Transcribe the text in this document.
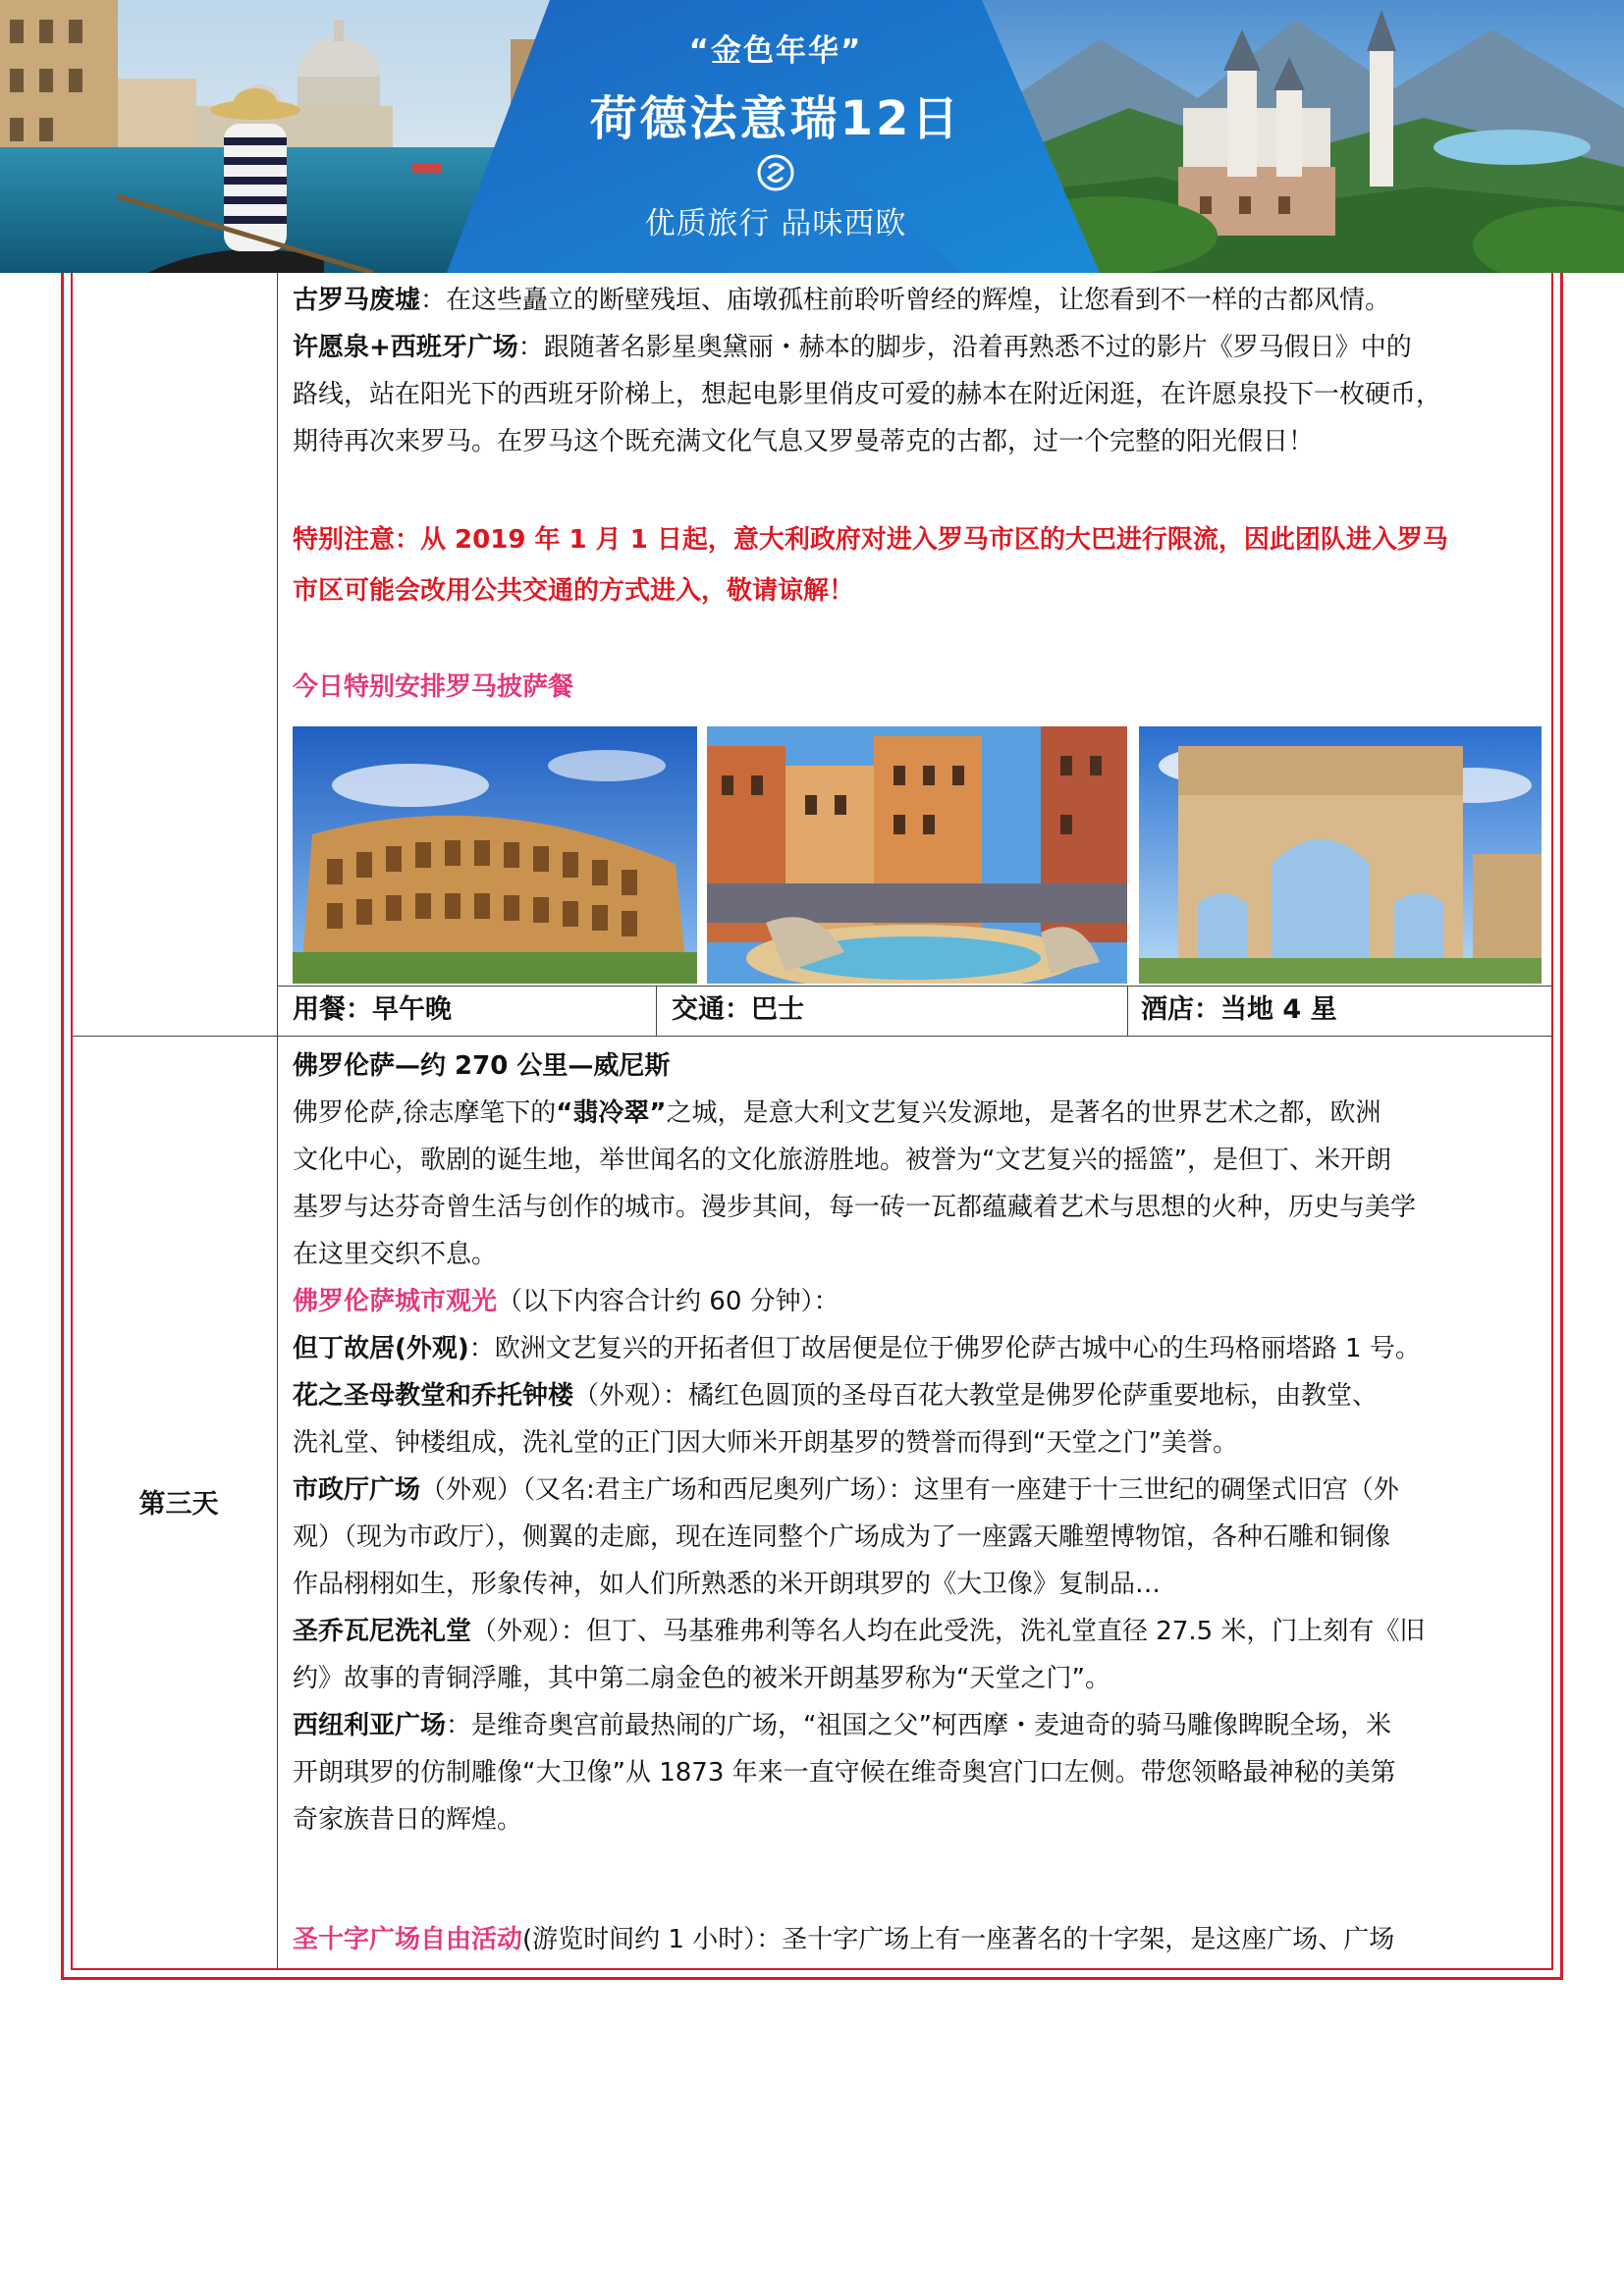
“金色年华”
荷德法意瑞12日
优质旅行 品味西欧
古罗马废墟：在这些矗立的断壁残垣、庙墩孤柱前聆听曾经的辉煌，让您看到不一样的古都风情。
许愿泉+西班牙广场：跟随著名影星奥黛丽・赫本的脚步，沿着再熟悉不过的影片《罗马假日》中的
路线，站在阳光下的西班牙阶梯上，想起电影里俏皮可爱的赫本在附近闲逛，在许愿泉投下一枚硬币，
期待再次来罗马。在罗马这个既充满文化气息又罗曼蒂克的古都，过一个完整的阳光假日！
特别注意：从 2019 年 1 月 1 日起，意大利政府对进入罗马市区的大巴进行限流，因此团队进入罗马
市区可能会改用公共交通的方式进入，敬请谅解！
今日特别安排罗马披萨餐
用餐：早午晚	交通：巴士	酒店：当地 4 星
第三天
佛罗伦萨—约 270 公里—威尼斯
佛罗伦萨,徐志摩笔下的“翡冷翠”之城，是意大利文艺复兴发源地，是著名的世界艺术之都，欧洲
文化中心，歌剧的诞生地，举世闻名的文化旅游胜地。被誉为“文艺复兴的摇篮”，是但丁、米开朗
基罗与达芬奇曾生活与创作的城市。漫步其间，每一砖一瓦都蕴藏着艺术与思想的火种，历史与美学
在这里交织不息。
佛罗伦萨城市观光（以下内容合计约 60 分钟）：
但丁故居(外观)：欧洲文艺复兴的开拓者但丁故居便是位于佛罗伦萨古城中心的生玛格丽塔路 1 号。
花之圣母教堂和乔托钟楼（外观）：橘红色圆顶的圣母百花大教堂是佛罗伦萨重要地标，由教堂、
洗礼堂、钟楼组成，洗礼堂的正门因大师米开朗基罗的赞誉而得到“天堂之门”美誉。
市政厅广场（外观）（又名:君主广场和西尼奥列广场）：这里有一座建于十三世纪的碉堡式旧宫（外
观）（现为市政厅），侧翼的走廊，现在连同整个广场成为了一座露天雕塑博物馆，各种石雕和铜像
作品栩栩如生，形象传神，如人们所熟悉的米开朗琪罗的《大卫像》复制品…
圣乔瓦尼洗礼堂（外观）：但丁、马基雅弗利等名人均在此受洗，洗礼堂直径 27.5 米，门上刻有《旧
约》故事的青铜浮雕，其中第二扇金色的被米开朗基罗称为“天堂之门”。
西纽利亚广场：是维奇奥宫前最热闹的广场，“祖国之父”柯西摩・麦迪奇的骑马雕像睥睨全场，米
开朗琪罗的仿制雕像“大卫像”从 1873 年来一直守候在维奇奥宫门口左侧。带您领略最神秘的美第
奇家族昔日的辉煌。
圣十字广场自由活动(游览时间约 1 小时）：圣十字广场上有一座著名的十字架，是这座广场、广场
